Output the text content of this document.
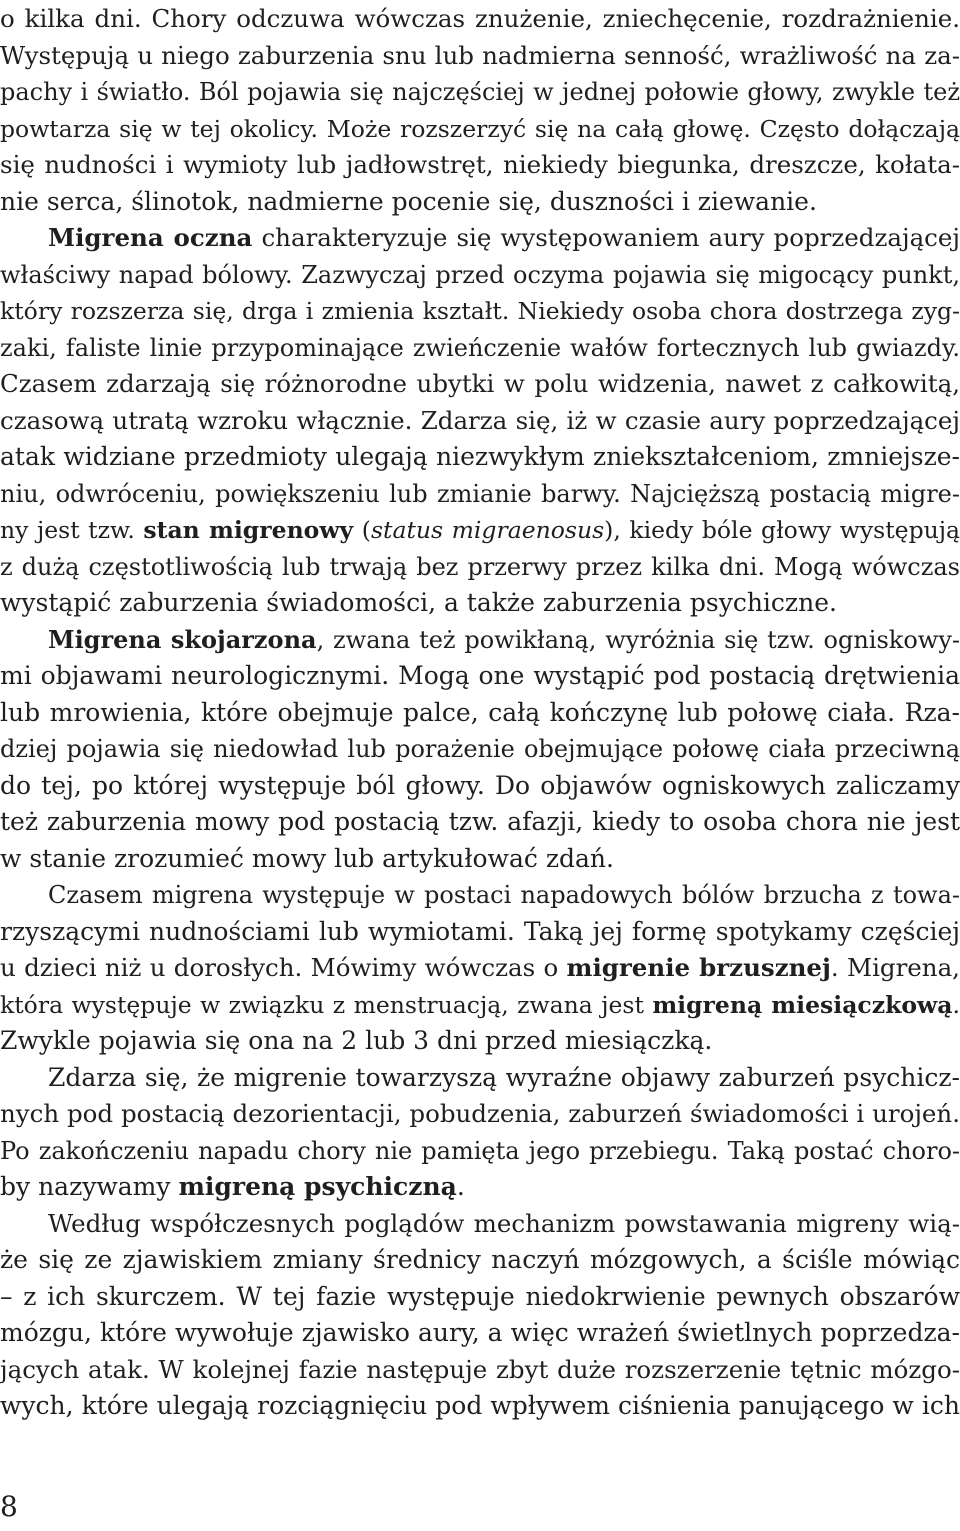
o kilka dni. Chory odczuwa wówczas znużenie, zniechęcenie, rozdrażnienie.
Występują u niego zaburzenia snu lub nadmierna senność, wrażliwość na za-
pachy i światło. Ból pojawia się najczęściej w jednej połowie głowy, zwykle też
powtarza się w tej okolicy. Może rozszerzyć się na całą głowę. Często dołączają
się nudności i wymioty lub jadłowstręt, niekiedy biegunka, dreszcze, kołata-
nie serca, ślinotok, nadmierne pocenie się, duszności i ziewanie.
Migrena oczna charakteryzuje się występowaniem aury poprzedzającej
właściwy napad bólowy. Zazwyczaj przed oczyma pojawia się migocący punkt,
który rozszerza się, drga i zmienia kształt. Niekiedy osoba chora dostrzega zyg-
zaki, faliste linie przypominające zwieńczenie wałów fortecznych lub gwiazdy.
Czasem zdarzają się różnorodne ubytki w polu widzenia, nawet z całkowitą,
czasową utratą wzroku włącznie. Zdarza się, iż w czasie aury poprzedzającej
atak widziane przedmioty ulegają niezwykłym zniekształceniom, zmniejsze-
niu, odwróceniu, powiększeniu lub zmianie barwy. Najcięższą postacią migre-
ny jest tzw. stan migrenowy (status migraenosus), kiedy bóle głowy występują
z dużą częstotliwością lub trwają bez przerwy przez kilka dni. Mogą wówczas
wystąpić zaburzenia świadomości, a także zaburzenia psychiczne.
Migrena skojarzona, zwana też powikłaną, wyróżnia się tzw. ogniskowy-
mi objawami neurologicznymi. Mogą one wystąpić pod postacią drętwienia
lub mrowienia, które obejmuje palce, całą kończynę lub połowę ciała. Rza-
dziej pojawia się niedowład lub porażenie obejmujące połowę ciała przeciwną
do tej, po której występuje ból głowy. Do objawów ogniskowych zaliczamy
też zaburzenia mowy pod postacią tzw. afazji, kiedy to osoba chora nie jest
w stanie zrozumieć mowy lub artykułować zdań.
Czasem migrena występuje w postaci napadowych bólów brzucha z towa-
rzyszącymi nudnościami lub wymiotami. Taką jej formę spotykamy częściej
u dzieci niż u dorosłych. Mówimy wówczas o migrenie brzusznej. Migrena,
która występuje w związku z menstruacją, zwana jest migreną miesiączkową.
Zwykle pojawia się ona na 2 lub 3 dni przed miesiączką.
Zdarza się, że migrenie towarzyszą wyraźne objawy zaburzeń psychicz-
nych pod postacią dezorientacji, pobudzenia, zaburzeń świadomości i urojeń.
Po zakończeniu napadu chory nie pamięta jego przebiegu. Taką postać choro-
by nazywamy migreną psychiczną.
Według współczesnych poglądów mechanizm powstawania migreny wią-
że się ze zjawiskiem zmiany średnicy naczyń mózgowych, a ściśle mówiąc
– z ich skurczem. W tej fazie występuje niedokrwienie pewnych obszarów
mózgu, które wywołuje zjawisko aury, a więc wrażeń świetlnych poprzedza-
jących atak. W kolejnej fazie następuje zbyt duże rozszerzenie tętnic mózgo-
wych, które ulegają rozciągnięciu pod wpływem ciśnienia panującego w ich
8
